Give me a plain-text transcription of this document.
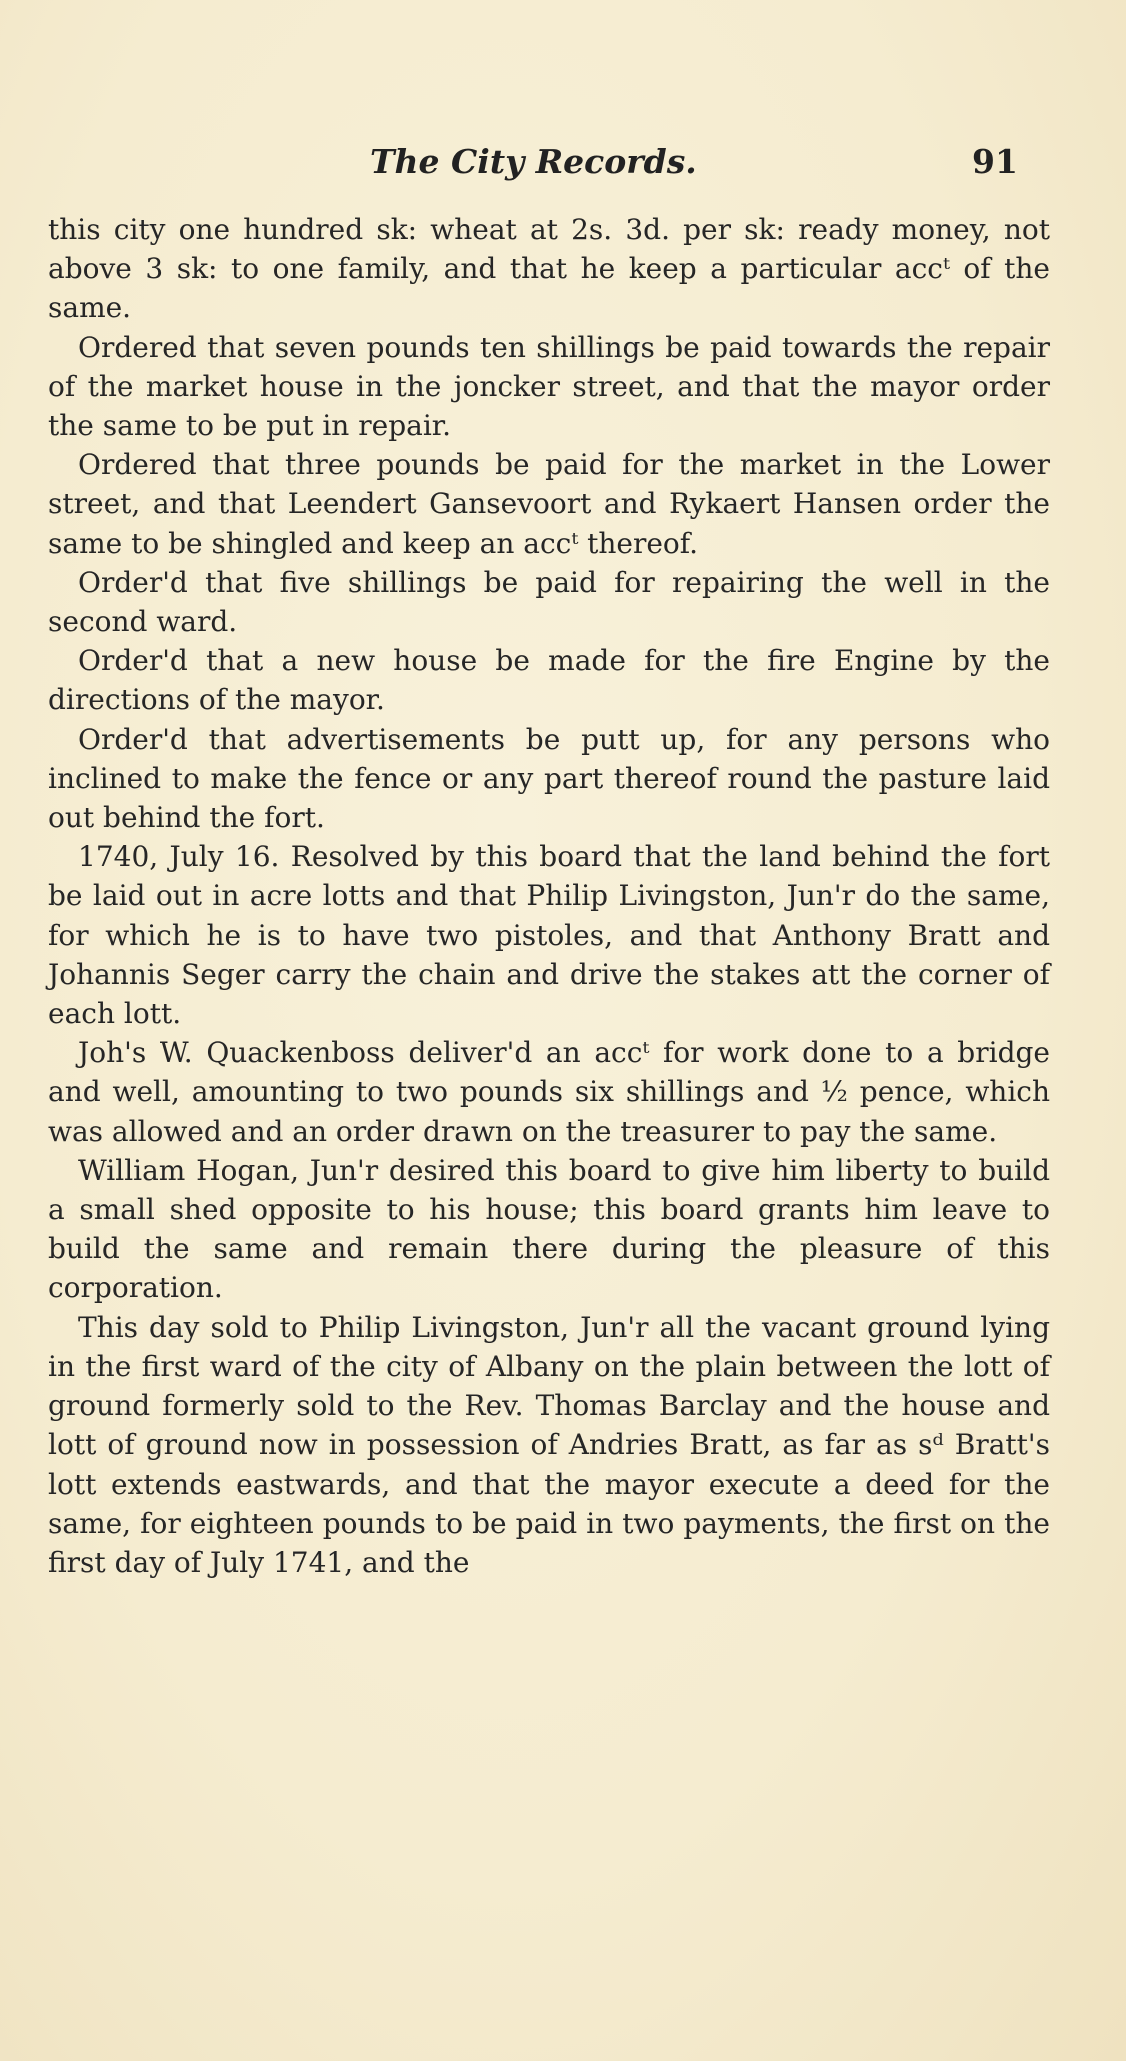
The City Records.	91

this city one hundred sk: wheat at 2s. 3d. per sk: ready money, not above 3 sk: to one family, and that he keep a particular accᵗ of the same.

Ordered that seven pounds ten shillings be paid towards the repair of the market house in the joncker street, and that the mayor order the same to be put in repair.

Ordered that three pounds be paid for the market in the Lower street, and that Leendert Gansevoort and Rykaert Hansen order the same to be shingled and keep an accᵗ thereof.

Order'd that five shillings be paid for repairing the well in the second ward.

Order'd that a new house be made for the fire Engine by the directions of the mayor.

Order'd that advertisements be putt up, for any persons who inclined to make the fence or any part thereof round the pasture laid out behind the fort.

1740, July 16. Resolved by this board that the land behind the fort be laid out in acre lotts and that Philip Livingston, Jun'r do the same, for which he is to have two pistoles, and that Anthony Bratt and Johannis Seger carry the chain and drive the stakes att the corner of each lott.

Joh's W. Quackenboss deliver'd an accᵗ for work done to a bridge and well, amounting to two pounds six shillings and ½ pence, which was allowed and an order drawn on the treasurer to pay the same.

William Hogan, Jun'r desired this board to give him liberty to build a small shed opposite to his house; this board grants him leave to build the same and remain there during the pleasure of this corporation.

This day sold to Philip Livingston, Jun'r all the vacant ground lying in the first ward of the city of Albany on the plain between the lott of ground formerly sold to the Rev. Thomas Barclay and the house and lott of ground now in possession of Andries Bratt, as far as sᵈ Bratt's lott extends eastwards, and that the mayor execute a deed for the same, for eighteen pounds to be paid in two payments, the first on the first day of July 1741, and the
